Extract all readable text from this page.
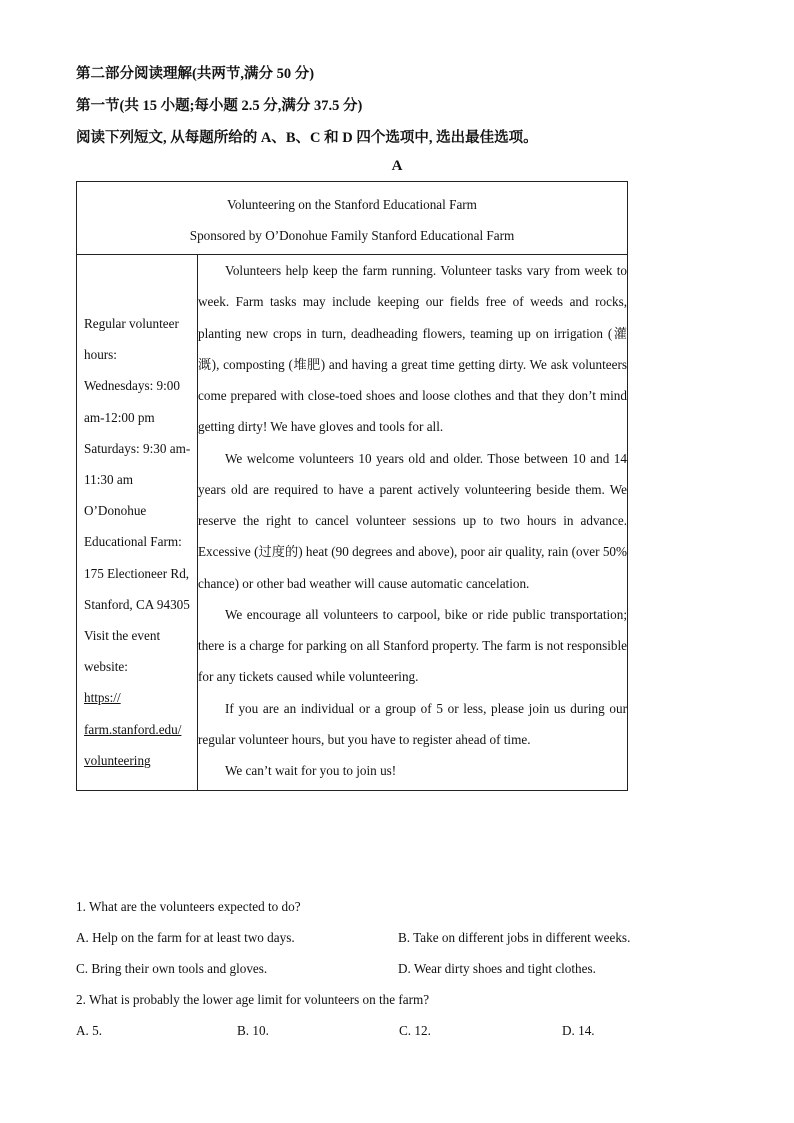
第二部分阅读理解(共两节,满分 50 分)
第一节(共 15 小题;每小题 2.5 分,满分 37.5 分)
阅读下列短文, 从每题所给的 A、B、C 和 D 四个选项中, 选出最佳选项。
A
Volunteering on the Stanford Educational Farm
Sponsored by O’Donohue Family Stanford Educational Farm

Regular volunteer hours:
Wednesdays: 9:00 am-12:00 pm
Saturdays: 9:30 am-11:30 am
O’Donohue Educational Farm:
175 Electioneer Rd, Stanford, CA 94305
Visit the event website:
https:// farm.stanford.edu/ volunteering

Volunteers help keep the farm running. Volunteer tasks vary from week to week. Farm tasks may include keeping our fields free of weeds and rocks, planting new crops in turn, deadheading flowers, teaming up on irrigation (灌溉), composting (堆肥) and having a great time getting dirty. We ask volunteers come prepared with close-toed shoes and loose clothes and that they don’t mind getting dirty! We have gloves and tools for all.

We welcome volunteers 10 years old and older. Those between 10 and 14 years old are required to have a parent actively volunteering beside them. We reserve the right to cancel volunteer sessions up to two hours in advance. Excessive (过度的) heat (90 degrees and above), poor air quality, rain (over 50% chance) or other bad weather will cause automatic cancelation.

We encourage all volunteers to carpool, bike or ride public transportation; there is a charge for parking on all Stanford property. The farm is not responsible for any tickets caused while volunteering.

If you are an individual or a group of 5 or less, please join us during our regular volunteer hours, but you have to register ahead of time.

We can’t wait for you to join us!

1. What are the volunteers expected to do?
A. Help on the farm for at least two days.	B. Take on different jobs in different weeks.
C. Bring their own tools and gloves.	D. Wear dirty shoes and tight clothes.
2. What is probably the lower age limit for volunteers on the farm?
A. 5.	B. 10.	C. 12.	D. 14.
